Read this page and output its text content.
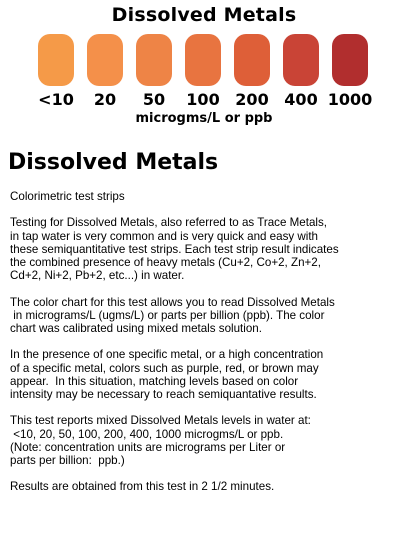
Dissolved Metals
<10	20	50	100 200 400 1000
microgms/L or ppb
Dissolved Metals

Colorimetric test strips

Testing for Dissolved Metals, also referred to as Trace Metals,
in tap water is very common and is very quick and easy with
these semiquantitative test strips. Each test strip result indicates
the combined presence of heavy metals (Cu+2, Co+2, Zn+2,
Cd+2, Ni+2, Pb+2, etc...) in water.

The color chart for this test allows you to read Dissolved Metals
in micrograms/L (ugms/L) or parts per billion (ppb). The color
chart was calibrated using mixed metals solution.

In the presence of one specific metal, or a high concentration
of a specific metal, colors such as purple, red, or brown may
appear.  In this situation, matching levels based on color
intensity may be necessary to reach semiquantative results.

This test reports mixed Dissolved Metals levels in water at:
<10, 20, 50, 100, 200, 400, 1000 microgms/L or ppb.
(Note: concentration units are micrograms per Liter or
parts per billion:  ppb.)

Results are obtained from this test in 2 1/2 minutes.
